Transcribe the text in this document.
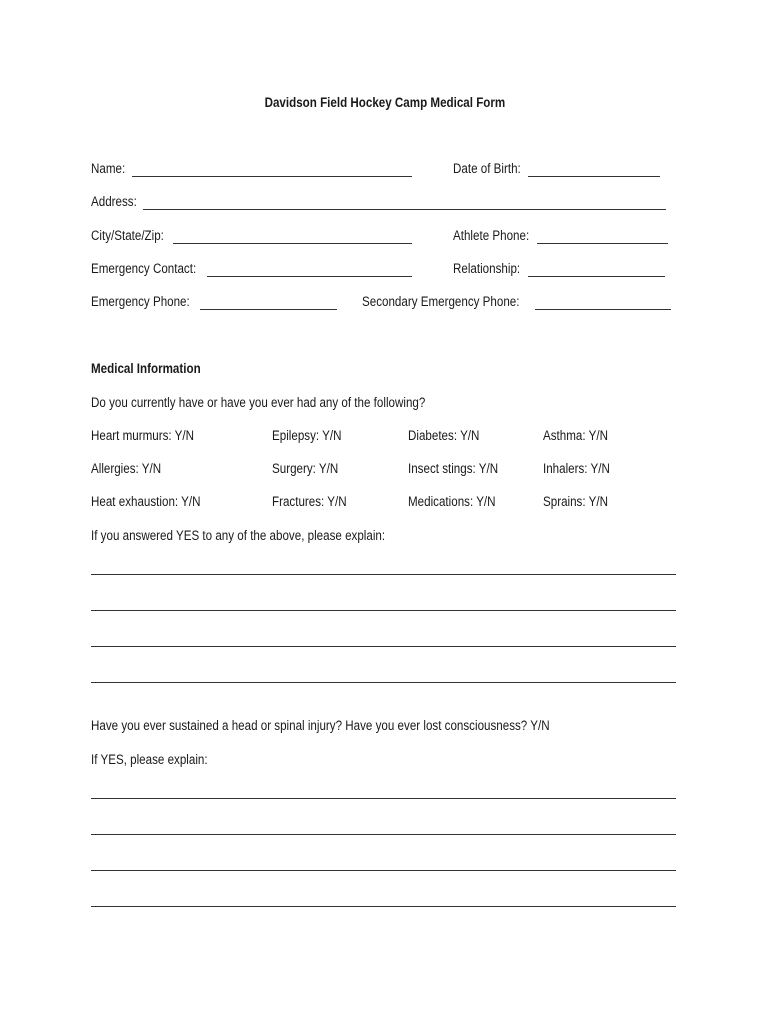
Davidson Field Hockey Camp Medical Form
Name:	Date of Birth:
Address:
City/State/Zip:	Athlete Phone:
Emergency Contact:	Relationship:
Emergency Phone:	Secondary Emergency Phone:
Medical Information
Do you currently have or have you ever had any of the following?
Heart murmurs: Y/N	Epilepsy: Y/N	Diabetes: Y/N	Asthma: Y/N
Allergies: Y/N	Surgery: Y/N	Insect stings: Y/N	Inhalers: Y/N
Heat exhaustion: Y/N	Fractures: Y/N	Medications: Y/N	Sprains: Y/N
If you answered YES to any of the above, please explain:
Have you ever sustained a head or spinal injury? Have you ever lost consciousness? Y/N
If YES, please explain:
